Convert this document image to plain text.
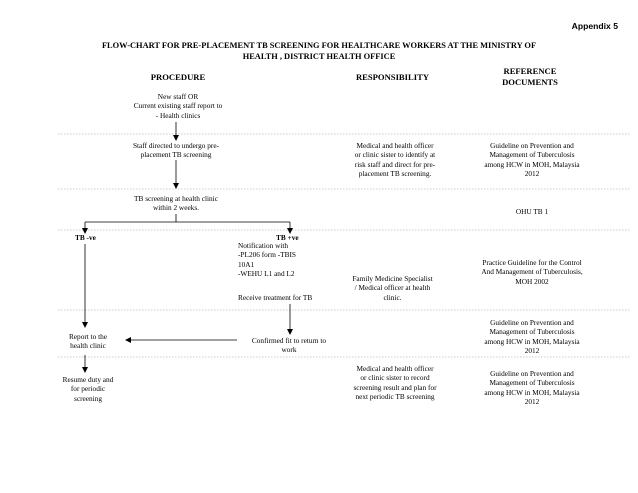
Appendix 5
FLOW-CHART FOR PRE-PLACEMENT TB SCREENING FOR HEALTHCARE WORKERS AT THE MINISTRY OF
HEALTH , DISTRICT HEALTH OFFICE
PROCEDURE	RESPONSIBILITY
REFERENCE
DOCUMENTS
New staff OR
Current existing staff report to
- Health clinics
Staff directed to undergo pre-
placement TB screening
TB screening at health clinic
within 2 weeks.
TB -ve	TB +ve
Notification with
-PL206 form -TBIS
10A1
-WEHU L1 and L2
Receive treatment for TB
Confirmed fit to return to
work
Report to the
health clinic
Resume duty and
for periodic
screening
Medical and health officer
or clinic sister to identify at
risk staff and direct for pre-
placement TB screening.
Family Medicine Specialist
/ Medical officer at health
clinic.
Medical and health officer
or clinic sister to record
screening result and plan for
next periodic TB screening
Guideline on Prevention and
Management of Tuberculosis
among HCW in MOH, Malaysia
2012
OHU TB 1
Practice Guideline for the Control
And Management of Tuberculosis,
MOH 2002
Guideline on Prevention and
Management of Tuberculosis
among HCW in MOH, Malaysia
2012
Guideline on Prevention and
Management of Tuberculosis
among HCW in MOH, Malaysia
2012
